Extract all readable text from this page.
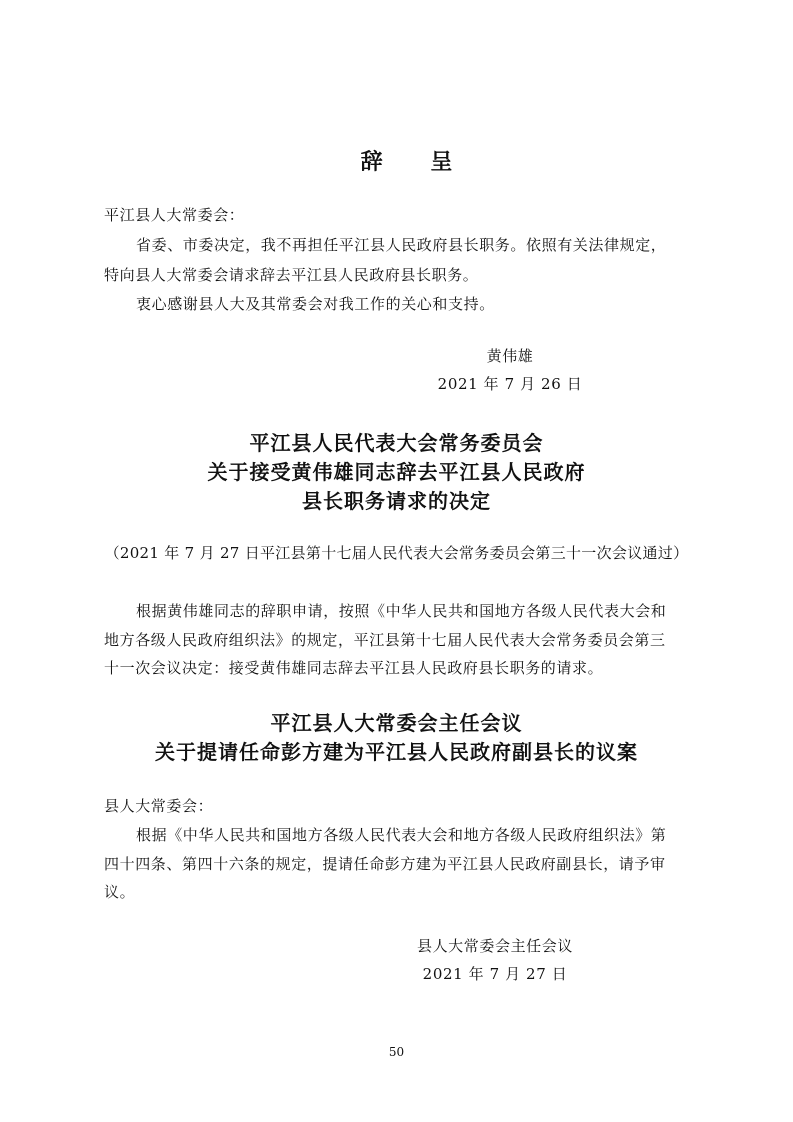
辞 呈
平江县人大常委会：
省委、市委决定，我不再担任平江县人民政府县长职务。依照有关法律规定，
特向县人大常委会请求辞去平江县人民政府县长职务。
衷心感谢县人大及其常委会对我工作的关心和支持。
黄伟雄
2021 年 7 月 26 日
平江县人民代表大会常务委员会
关于接受黄伟雄同志辞去平江县人民政府
县长职务请求的决定
（2021 年 7 月 27 日平江县第十七届人民代表大会常务委员会第三十一次会议通过）
根据黄伟雄同志的辞职申请，按照《中华人民共和国地方各级人民代表大会和
地方各级人民政府组织法》的规定，平江县第十七届人民代表大会常务委员会第三
十一次会议决定：接受黄伟雄同志辞去平江县人民政府县长职务的请求。
平江县人大常委会主任会议
关于提请任命彭方建为平江县人民政府副县长的议案
县人大常委会：
根据《中华人民共和国地方各级人民代表大会和地方各级人民政府组织法》第
四十四条、第四十六条的规定，提请任命彭方建为平江县人民政府副县长，请予审
议。
县人大常委会主任会议
2021 年 7 月 27 日
50
